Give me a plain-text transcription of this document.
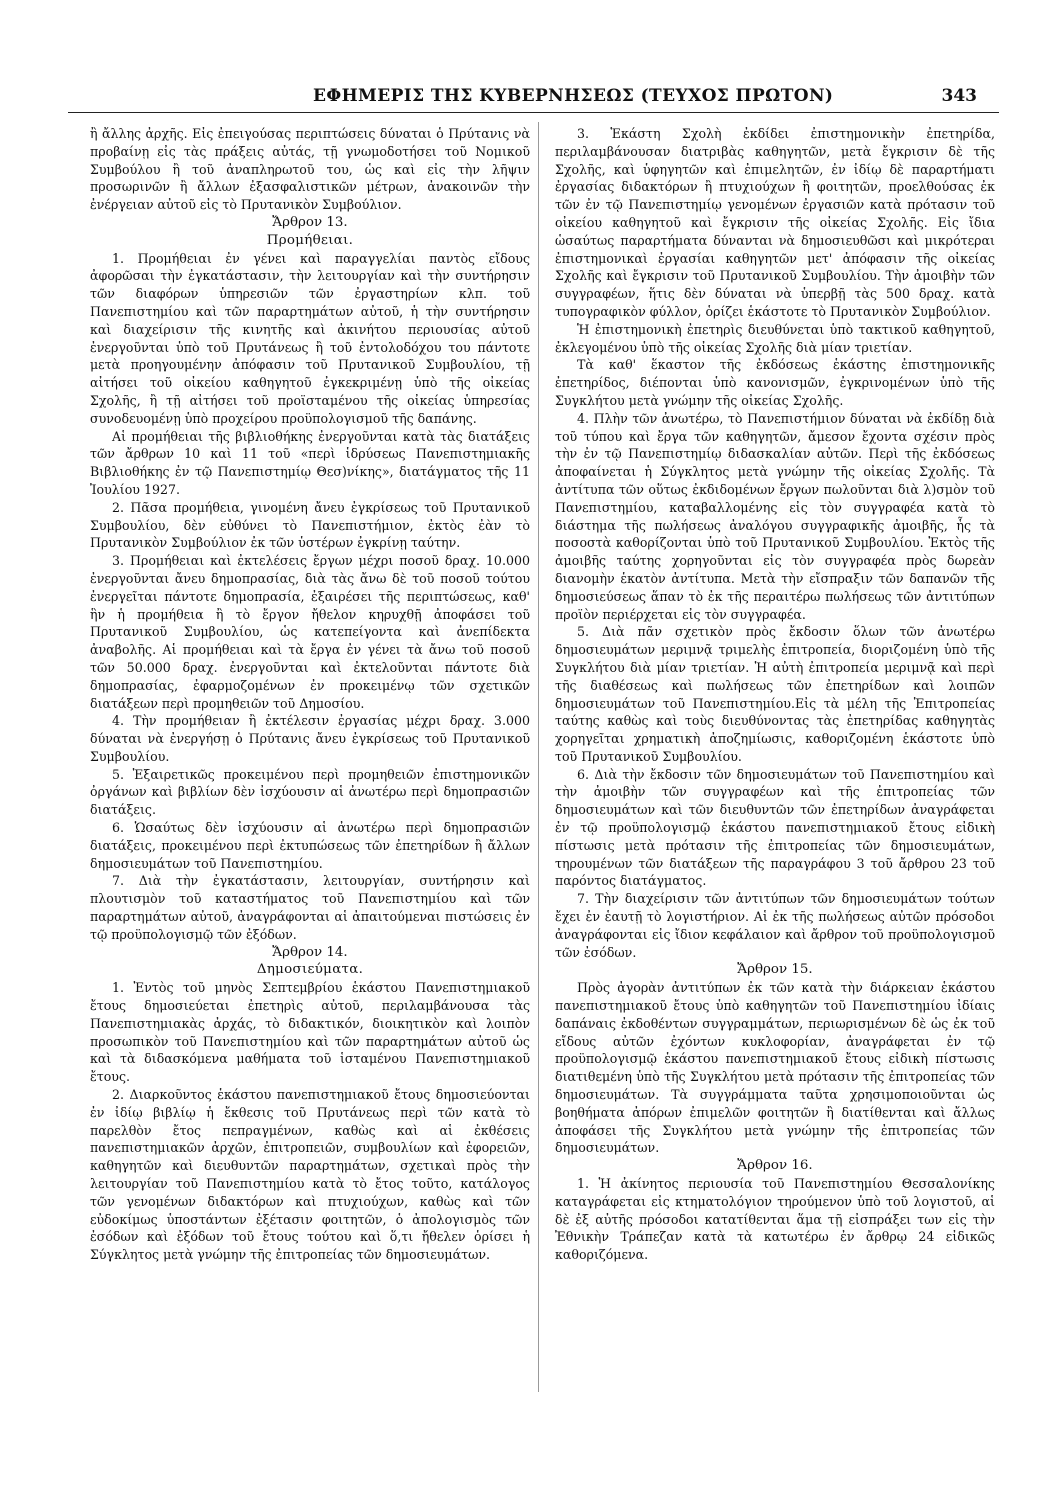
ΕΦΗΜΕΡΙΣ ΤΗΣ ΚΥΒΕΡΝΗΣΕΩΣ (ΤΕΥΧΟΣ ΠΡΩΤΟΝ)	343

ἢ ἄλλης ἀρχῆς. Εἰς ἐπειγούσας περιπτώσεις δύναται ὁ Πρύτανις νὰ προβαίνῃ εἰς τὰς πράξεις αὐτάς, τῇ γνωμοδοτήσει τοῦ Νομικοῦ Συμβούλου ἢ τοῦ ἀναπληρωτοῦ του, ὡς καὶ εἰς τὴν λῆψιν προσωρινῶν ἢ ἄλλων ἐξασφαλιστικῶν μέτρων, ἀνακοινῶν τὴν ἐνέργειαν αὐτοῦ εἰς τὸ Πρυτανικὸν Συμβούλιον.

Ἄρθρον 13.

Προμήθειαι.

1. Προμήθειαι ἐν γένει καὶ παραγγελίαι παντὸς εἴδους ἀφορῶσαι τὴν ἐγκατάστασιν, τὴν λειτουργίαν καὶ τὴν συντήρησιν τῶν διαφόρων ὑπηρεσιῶν τῶν ἐργαστηρίων κλπ. τοῦ Πανεπιστημίου καὶ τῶν παραρτημάτων αὐτοῦ, ἡ τὴν συντήρησιν καὶ διαχείρισιν τῆς κινητῆς καὶ ἀκινήτου περιουσίας αὐτοῦ ἐνεργοῦνται ὑπὸ τοῦ Πρυτάνεως ἢ τοῦ ἐντολοδόχου του πάντοτε μετὰ προηγουμένην ἀπόφασιν τοῦ Πρυτανικοῦ Συμβουλίου, τῇ αἰτήσει τοῦ οἰκείου καθηγητοῦ ἐγκεκριμένῃ ὑπὸ τῆς οἰκείας Σχολῆς, ἢ τῇ αἰτήσει τοῦ προϊσταμένου τῆς οἰκείας ὑπηρεσίας συνοδευομένῃ ὑπὸ προχείρου προϋπολογισμοῦ τῆς δαπάνης.

Αἱ προμήθειαι τῆς βιβλιοθήκης ἐνεργοῦνται κατὰ τὰς διατάξεις τῶν ἄρθρων 10 καὶ 11 τοῦ «περὶ ἱδρύσεως Πανεπιστημιακῆς Βιβλιοθήκης ἐν τῷ Πανεπιστημίῳ Θεσ)νίκης», διατάγματος τῆς 11 Ἰουλίου 1927.

2. Πᾶσα προμήθεια, γινομένη ἄνευ ἐγκρίσεως τοῦ Πρυτανικοῦ Συμβουλίου, δὲν εὐθύνει τὸ Πανεπιστήμιον, ἐκτὸς ἐὰν τὸ Πρυτανικὸν Συμβούλιον ἐκ τῶν ὑστέρων ἐγκρίνῃ ταύτην.

3. Προμήθειαι καὶ ἐκτελέσεις ἔργων μέχρι ποσοῦ δραχ. 10.000 ἐνεργοῦνται ἄνευ δημοπρασίας, διὰ τὰς ἄνω δὲ τοῦ ποσοῦ τούτου ἐνεργεῖται πάντοτε δημοπρασία, ἐξαιρέσει τῆς περιπτώσεως, καθ' ἣν ἡ προμήθεια ἢ τὸ ἔργον ἤθελον κηρυχθῇ ἀποφάσει τοῦ Πρυτανικοῦ Συμβουλίου, ὡς κατεπείγοντα καὶ ἀνεπίδεκτα ἀναβολῆς. Αἱ προμήθειαι καὶ τὰ ἔργα ἐν γένει τὰ ἄνω τοῦ ποσοῦ τῶν 50.000 δραχ. ἐνεργοῦνται καὶ ἐκτελοῦνται πάντοτε διὰ δημοπρασίας, ἐφαρμοζομένων ἐν προκειμένῳ τῶν σχετικῶν διατάξεων περὶ προμηθειῶν τοῦ Δημοσίου.

4. Τὴν προμήθειαν ἢ ἐκτέλεσιν ἐργασίας μέχρι δραχ. 3.000 δύναται νὰ ἐνεργήσῃ ὁ Πρύτανις ἄνευ ἐγκρίσεως τοῦ Πρυτανικοῦ Συμβουλίου.

5. Ἐξαιρετικῶς προκειμένου περὶ προμηθειῶν ἐπιστημονικῶν ὀργάνων καὶ βιβλίων δὲν ἰσχύουσιν αἱ ἀνωτέρω περὶ δημοπρασιῶν διατάξεις.

6. Ὡσαύτως δὲν ἰσχύουσιν αἱ ἀνωτέρω περὶ δημοπρασιῶν διατάξεις, προκειμένου περὶ ἐκτυπώσεως τῶν ἐπετηρίδων ἢ ἄλλων δημοσιευμάτων τοῦ Πανεπιστημίου.

7. Διὰ τὴν ἐγκατάστασιν, λειτουργίαν, συντήρησιν καὶ πλουτισμὸν τοῦ καταστήματος τοῦ Πανεπιστημίου καὶ τῶν παραρτημάτων αὐτοῦ, ἀναγράφονται αἱ ἀπαιτούμεναι πιστώσεις ἐν τῷ προϋπολογισμῷ τῶν ἐξόδων.

Ἄρθρον 14.

Δημοσιεύματα.

1. Ἐντὸς τοῦ μηνὸς Σεπτεμβρίου ἑκάστου Πανεπιστημιακοῦ ἔτους δημοσιεύεται ἐπετηρὶς αὐτοῦ, περιλαμβάνουσα τὰς Πανεπιστημιακὰς ἀρχάς, τὸ διδακτικόν, διοικητικὸν καὶ λοιπὸν προσωπικὸν τοῦ Πανεπιστημίου καὶ τῶν παραρτημάτων αὐτοῦ ὡς καὶ τὰ διδασκόμενα μαθήματα τοῦ ἱσταμένου Πανεπιστημιακοῦ ἔτους.

2. Διαρκοῦντος ἑκάστου πανεπιστημιακοῦ ἔτους δημοσιεύονται ἐν ἰδίῳ βιβλίῳ ἡ ἔκθεσις τοῦ Πρυτάνεως περὶ τῶν κατὰ τὸ παρελθὸν ἔτος πεπραγμένων, καθὼς καὶ αἱ ἐκθέσεις πανεπιστημιακῶν ἀρχῶν, ἐπιτροπειῶν, συμβουλίων καὶ ἐφορειῶν, καθηγητῶν καὶ διευθυντῶν παραρτημάτων, σχετικαὶ πρὸς τὴν λειτουργίαν τοῦ Πανεπιστημίου κατὰ τὸ ἔτος τοῦτο, κατάλογος τῶν γενομένων διδακτόρων καὶ πτυχιούχων, καθὼς καὶ τῶν εὐδοκίμως ὑποστάντων ἐξέτασιν φοιτητῶν, ὁ ἀπολογισμὸς τῶν ἐσόδων καὶ ἐξόδων τοῦ ἔτους τούτου καὶ ὅ,τι ἤθελεν ὁρίσει ἡ Σύγκλητος μετὰ γνώμην τῆς ἐπιτροπείας τῶν δημοσιευμάτων.

3. Ἑκάστη Σχολὴ ἐκδίδει ἐπιστημονικὴν ἐπετηρίδα, περιλαμβάνουσαν διατριβὰς καθηγητῶν, μετὰ ἔγκρισιν δὲ τῆς Σχολῆς, καὶ ὑφηγητῶν καὶ ἐπιμελητῶν, ἐν ἰδίῳ δὲ παραρτήματι ἐργασίας διδακτόρων ἢ πτυχιούχων ἢ φοιτητῶν, προελθούσας ἐκ τῶν ἐν τῷ Πανεπιστημίῳ γενομένων ἐργασιῶν κατὰ πρότασιν τοῦ οἰκείου καθηγητοῦ καὶ ἔγκρισιν τῆς οἰκείας Σχολῆς. Εἰς ἴδια ὡσαύτως παραρτήματα δύνανται νὰ δημοσιευθῶσι καὶ μικρότεραι ἐπιστημονικαὶ ἐργασίαι καθηγητῶν μετ' ἀπόφασιν τῆς οἰκείας Σχολῆς καὶ ἔγκρισιν τοῦ Πρυτανικοῦ Συμβουλίου. Τὴν ἀμοιβὴν τῶν συγγραφέων, ἥτις δὲν δύναται νὰ ὑπερβῇ τὰς 500 δραχ. κατὰ τυπογραφικὸν φύλλον, ὁρίζει ἑκάστοτε τὸ Πρυτανικὸν Συμβούλιον.

Ἡ ἐπιστημονικὴ ἐπετηρὶς διευθύνεται ὑπὸ τακτικοῦ καθηγητοῦ, ἐκλεγομένου ὑπὸ τῆς οἰκείας Σχολῆς διὰ μίαν τριετίαν.

Τὰ καθ' ἕκαστον τῆς ἐκδόσεως ἑκάστης ἐπιστημονικῆς ἐπετηρίδος, διέπονται ὑπὸ κανονισμῶν, ἐγκρινομένων ὑπὸ τῆς Συγκλήτου μετὰ γνώμην τῆς οἰκείας Σχολῆς.

4. Πλὴν τῶν ἀνωτέρω, τὸ Πανεπιστήμιον δύναται νὰ ἐκδίδῃ διὰ τοῦ τύπου καὶ ἔργα τῶν καθηγητῶν, ἄμεσον ἔχοντα σχέσιν πρὸς τὴν ἐν τῷ Πανεπιστημίῳ διδασκαλίαν αὐτῶν. Περὶ τῆς ἐκδόσεως ἀποφαίνεται ἡ Σύγκλητος μετὰ γνώμην τῆς οἰκείας Σχολῆς. Τὰ ἀντίτυπα τῶν οὕτως ἐκδιδομένων ἔργων πωλοῦνται διὰ λ)σμὸν τοῦ Πανεπιστημίου, καταβαλλομένης εἰς τὸν συγγραφέα κατὰ τὸ διάστημα τῆς πωλήσεως ἀναλόγου συγγραφικῆς ἀμοιβῆς, ἧς τὰ ποσοστὰ καθορίζονται ὑπὸ τοῦ Πρυτανικοῦ Συμβουλίου. Ἐκτὸς τῆς ἀμοιβῆς ταύτης χορηγοῦνται εἰς τὸν συγγραφέα πρὸς δωρεὰν διανομὴν ἑκατὸν ἀντίτυπα. Μετὰ τὴν εἴσπραξιν τῶν δαπανῶν τῆς δημοσιεύσεως ἅπαν τὸ ἐκ τῆς περαιτέρω πωλήσεως τῶν ἀντιτύπων προϊὸν περιέρχεται εἰς τὸν συγγραφέα.

5. Διὰ πᾶν σχετικὸν πρὸς ἔκδοσιν ὅλων τῶν ἀνωτέρω δημοσιευμάτων μεριμνᾷ τριμελὴς ἐπιτροπεία, διοριζομένη ὑπὸ τῆς Συγκλήτου διὰ μίαν τριετίαν. Ἡ αὐτὴ ἐπιτροπεία μεριμνᾷ καὶ περὶ τῆς διαθέσεως καὶ πωλήσεως τῶν ἐπετηρίδων καὶ λοιπῶν δημοσιευμάτων τοῦ Πανεπιστημίου.Εἰς τὰ μέλη τῆς Ἐπιτροπείας ταύτης καθὼς καὶ τοὺς διευθύνοντας τὰς ἐπετηρίδας καθηγητὰς χορηγεῖται χρηματικὴ ἀποζημίωσις, καθοριζομένη ἑκάστοτε ὑπὸ τοῦ Πρυτανικοῦ Συμβουλίου.

6. Διὰ τὴν ἔκδοσιν τῶν δημοσιευμάτων τοῦ Πανεπιστημίου καὶ τὴν ἀμοιβὴν τῶν συγγραφέων καὶ τῆς ἐπιτροπείας τῶν δημοσιευμάτων καὶ τῶν διευθυντῶν τῶν ἐπετηρίδων ἀναγράφεται ἐν τῷ προϋπολογισμῷ ἑκάστου πανεπιστημιακοῦ ἔτους εἰδικὴ πίστωσις μετὰ πρότασιν τῆς ἐπιτροπείας τῶν δημοσιευμάτων, τηρουμένων τῶν διατάξεων τῆς παραγράφου 3 τοῦ ἄρθρου 23 τοῦ παρόντος διατάγματος.

7. Τὴν διαχείρισιν τῶν ἀντιτύπων τῶν δημοσιευμάτων τούτων ἔχει ἐν ἑαυτῇ τὸ λογιστήριον. Αἱ ἐκ τῆς πωλήσεως αὐτῶν πρόσοδοι ἀναγράφονται εἰς ἴδιον κεφάλαιον καὶ ἄρθρον τοῦ προϋπολογισμοῦ τῶν ἐσόδων.

Ἄρθρον 15.

Πρὸς ἀγορὰν ἀντιτύπων ἐκ τῶν κατὰ τὴν διάρκειαν ἑκάστου πανεπιστημιακοῦ ἔτους ὑπὸ καθηγητῶν τοῦ Πανεπιστημίου ἰδίαις δαπάναις ἐκδοθέντων συγγραμμάτων, περιωρισμένων δὲ ὡς ἐκ τοῦ εἴδους αὐτῶν ἐχόντων κυκλοφορίαν, ἀναγράφεται ἐν τῷ προϋπολογισμῷ ἑκάστου πανεπιστημιακοῦ ἔτους εἰδικὴ πίστωσις διατιθεμένη ὑπὸ τῆς Συγκλήτου μετὰ πρότασιν τῆς ἐπιτροπείας τῶν δημοσιευμάτων. Τὰ συγγράμματα ταῦτα χρησιμοποιοῦνται ὡς βοηθήματα ἀπόρων ἐπιμελῶν φοιτητῶν ἢ διατίθενται καὶ ἄλλως ἀποφάσει τῆς Συγκλήτου μετὰ γνώμην τῆς ἐπιτροπείας τῶν δημοσιευμάτων.

Ἄρθρον 16.

1. Ἡ ἀκίνητος περιουσία τοῦ Πανεπιστημίου Θεσσαλονίκης καταγράφεται εἰς κτηματολόγιον τηρούμενον ὑπὸ τοῦ λογιστοῦ, αἱ δὲ ἐξ αὐτῆς πρόσοδοι κατατίθενται ἅμα τῇ εἰσπράξει των εἰς τὴν Ἐθνικὴν Τράπεζαν κατὰ τὰ κατωτέρω ἐν ἄρθρῳ 24 εἰδικῶς καθοριζόμενα.
